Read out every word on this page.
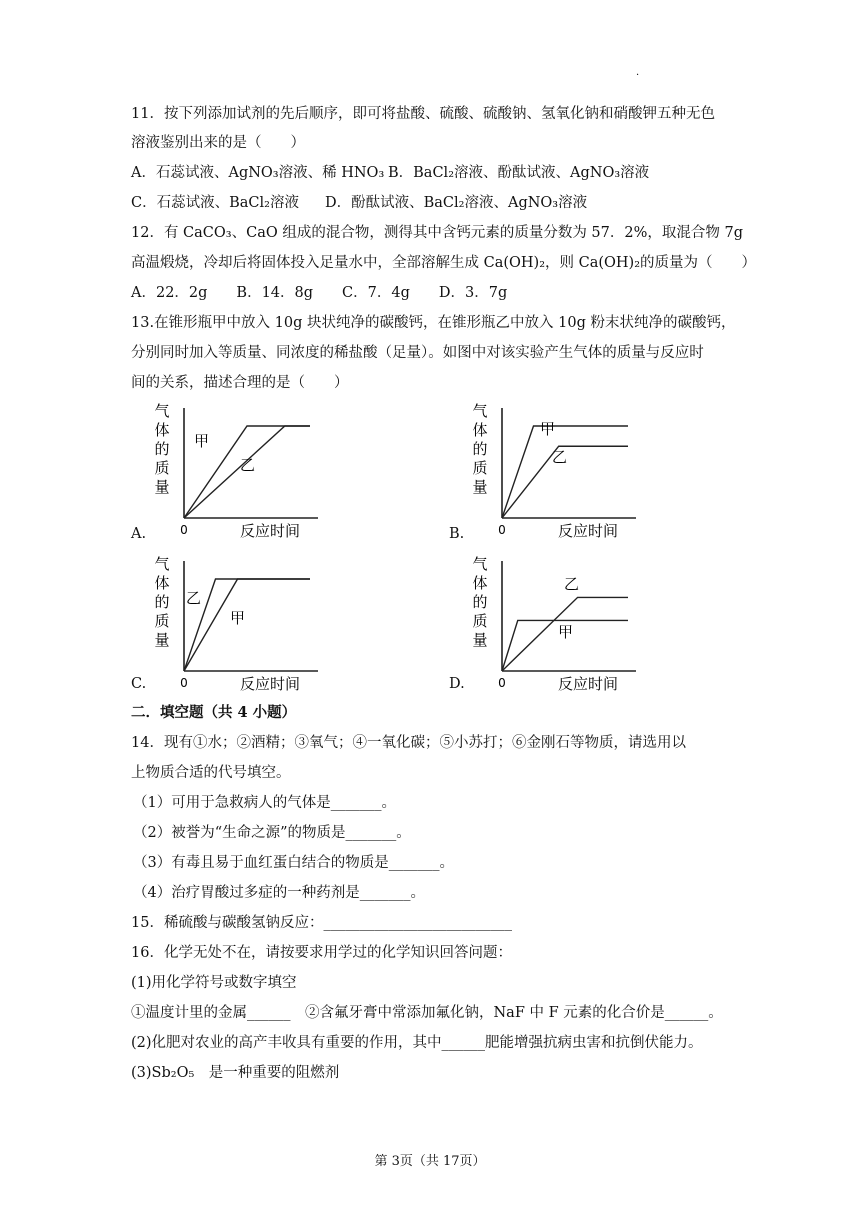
·
11．按下列添加试剂的先后顺序，即可将盐酸、硫酸、硫酸钠、氢氧化钠和硝酸钾五种无色
溶液鉴别出来的是（　　）
A．石蕊试液、AgNO₃溶液、稀 HNO₃ B．BaCl₂溶液、酚酞试液、AgNO₃溶液
C．石蕊试液、BaCl₂溶液 D．酚酞试液、BaCl₂溶液、AgNO₃溶液
12．有 CaCO₃、CaO 组成的混合物，测得其中含钙元素的质量分数为 57．2%，取混合物 7g
高温煅烧，冷却后将固体投入足量水中，全部溶解生成 Ca(OH)₂，则 Ca(OH)₂的质量为（　　）
A．22．2g　　B．14．8g　　C．7．4g　　D．3．7g
13.在锥形瓶甲中放入 10g 块状纯净的碳酸钙，在锥形瓶乙中放入 10g 粉末状纯净的碳酸钙，
分别同时加入等质量、同浓度的稀盐酸（足量）。如图中对该实验产生气体的质量与反应时
间的关系，描述合理的是（　　）
气
体
的
质
量
0	反应时间
甲
乙
气
体
的
质
量
0	反应时间
甲
乙
气
体
的
质
量
0	反应时间
乙
甲
气
体
的
质
量
0	反应时间
甲
乙
A.	B.
C.	D.
二．填空题（共 4 小题）
14．现有①水；②酒精；③氧气；④一氧化碳；⑤小苏打；⑥金刚石等物质，请选用以
上物质合适的代号填空。
（1）可用于急救病人的气体是_______。
（2）被誉为“生命之源”的物质是_______。
（3）有毒且易于血红蛋白结合的物质是_______。
（4）治疗胃酸过多症的一种药剂是_______。
15．稀硫酸与碳酸氢钠反应：__________________________
16．化学无处不在，请按要求用学过的化学知识回答问题：
(1)用化学符号或数字填空
①温度计里的金属______　②含氟牙膏中常添加氟化钠，NaF 中 F 元素的化合价是______。
(2)化肥对农业的高产丰收具有重要的作用，其中______肥能增强抗病虫害和抗倒伏能力。
(3)Sb₂O₅　是一种重要的阻燃剂
第 3页（共 17页）
